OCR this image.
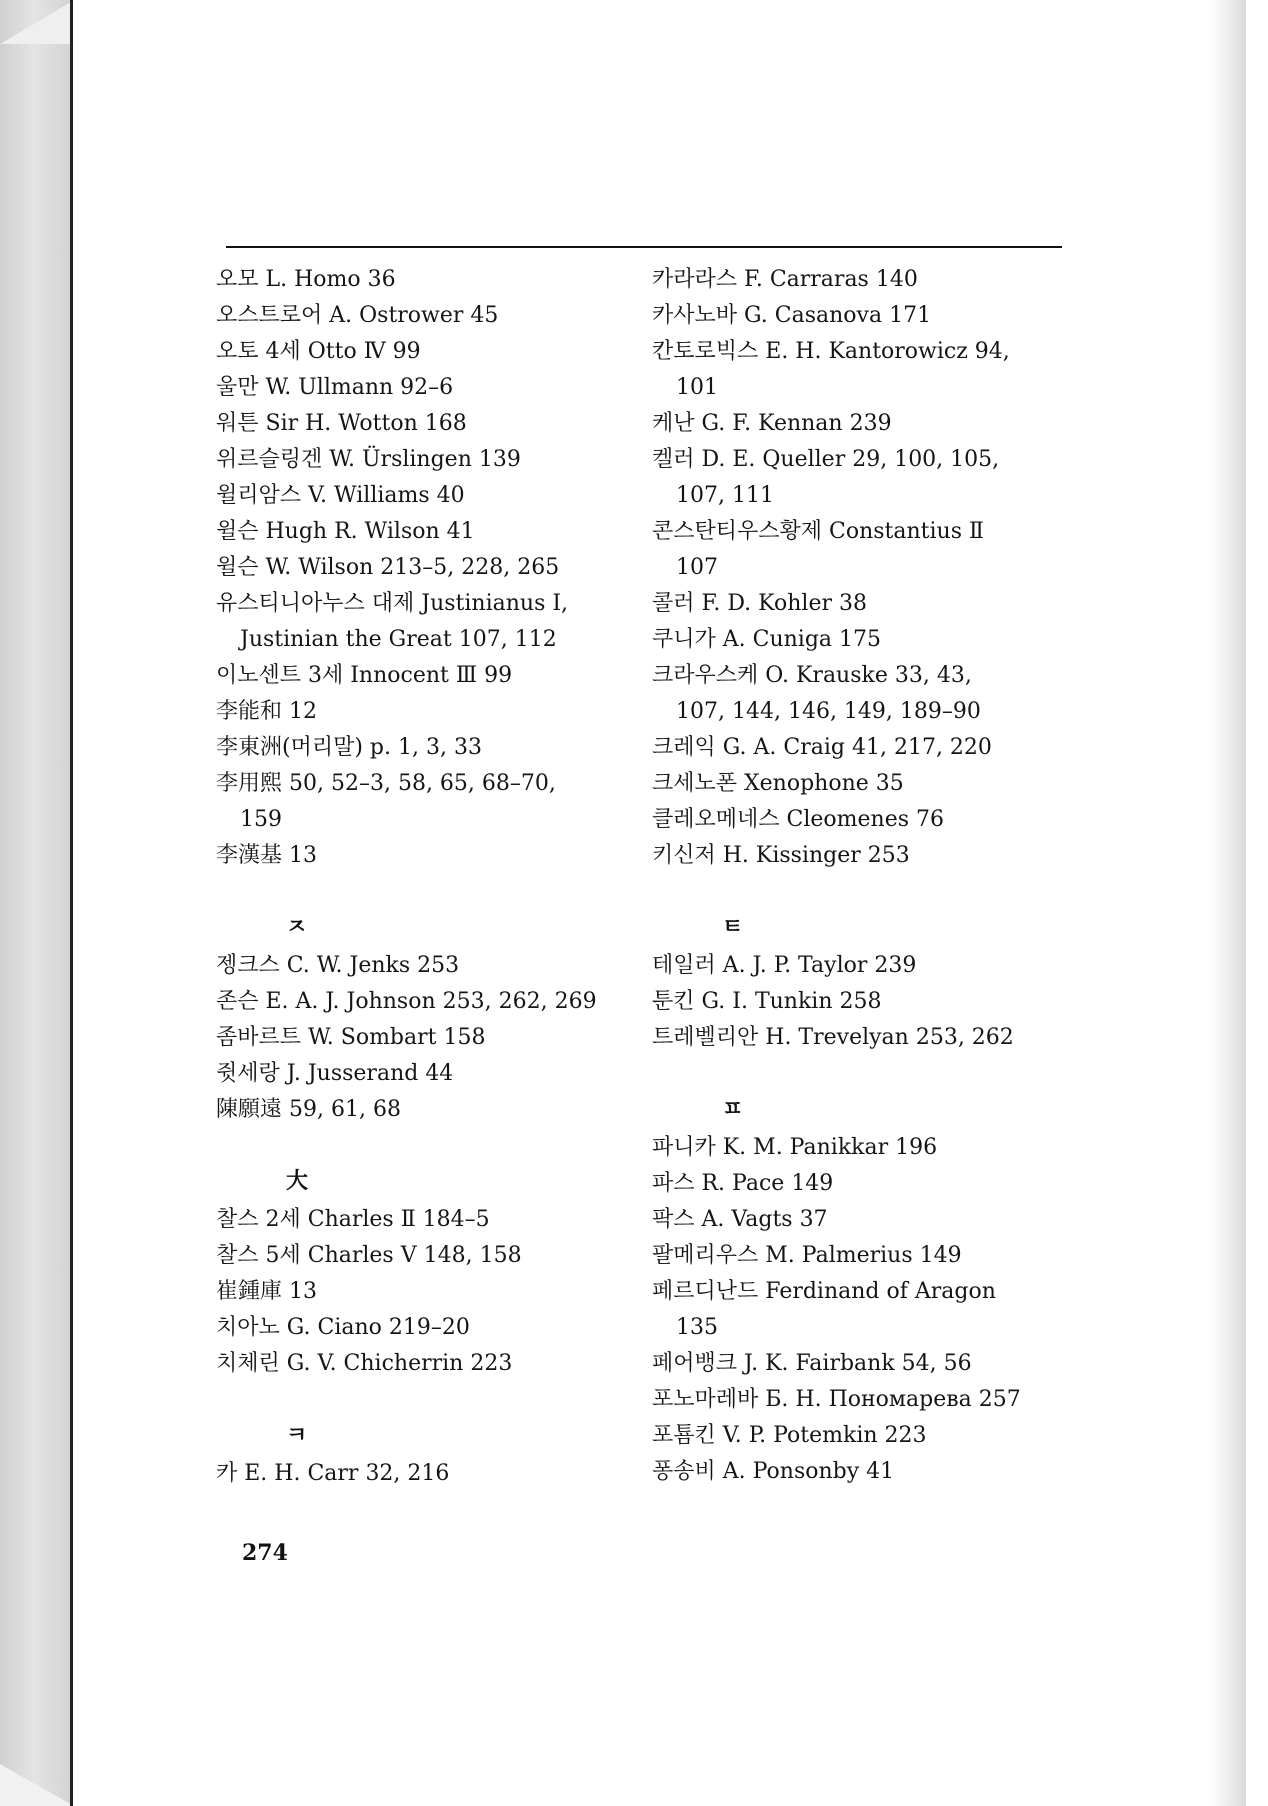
오모 L. Homo 36
오스트로어 A. Ostrower 45
오토 4세 Otto Ⅳ 99
울만 W. Ullmann 92–6
워튼 Sir H. Wotton 168
위르슬링겐 W. Ürslingen 139
윌리암스 V. Williams 40
윌슨 Hugh R. Wilson 41
윌슨 W. Wilson 213–5, 228, 265
유스티니아누스 대제 Justinianus Ⅰ,
Justinian the Great 107, 112
이노센트 3세 Innocent Ⅲ 99
李能和 12
李東洲(머리말) p. 1, 3, 33
李用熙 50, 52–3, 58, 65, 68–70,
159
李漢基 13
ㅈ
젱크스 C. W. Jenks 253
존슨 E. A. J. Johnson 253, 262, 269
좀바르트 W. Sombart 158
쥣세랑 J. Jusserand 44
陳願遠 59, 61, 68
大
찰스 2세 Charles Ⅱ 184–5
찰스 5세 Charles Ⅴ 148, 158
崔鍾庫 13
치아노 G. Ciano 219–20
치체린 G. V. Chicherrin 223
ㅋ
카 E. H. Carr 32, 216
카라라스 F. Carraras 140
카사노바 G. Casanova 171
칸토로빅스 E. H. Kantorowicz 94,
101
케난 G. F. Kennan 239
켈러 D. E. Queller 29, 100, 105,
107, 111
콘스탄티우스황제 Constantius Ⅱ
107
콜러 F. D. Kohler 38
쿠니가 A. Cuniga 175
크라우스케 O. Krauske 33, 43,
107, 144, 146, 149, 189–90
크레익 G. A. Craig 41, 217, 220
크세노폰 Xenophone 35
클레오메네스 Cleomenes 76
키신저 H. Kissinger 253
ㅌ
테일러 A. J. P. Taylor 239
툰킨 G. I. Tunkin 258
트레벨리안 H. Trevelyan 253, 262
ㅍ
파니카 K. M. Panikkar 196
파스 R. Pace 149
팍스 A. Vagts 37
팔메리우스 M. Palmerius 149
페르디난드 Ferdinand of Aragon
135
페어뱅크 J. K. Fairbank 54, 56
포노마레바 Б. Н. Пономарева 257
포툠킨 V. P. Potemkin 223
퐁송비 A. Ponsonby 41
274
